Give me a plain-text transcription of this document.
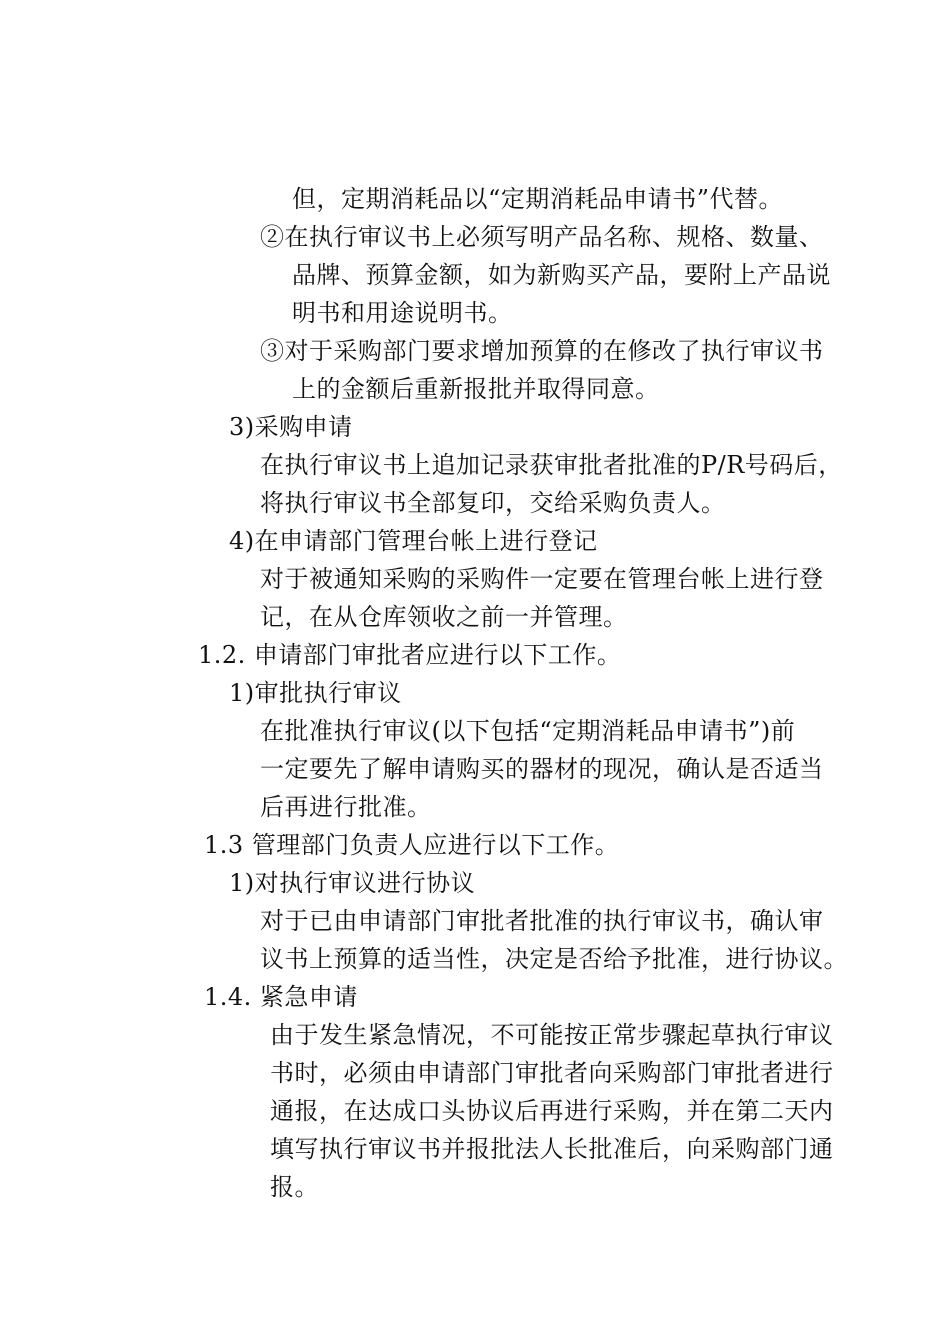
但，定期消耗品以“定期消耗品申请书”代替。
②在执行审议书上必须写明产品名称、规格、数量、
品牌、预算金额，如为新购买产品，要附上产品说
明书和用途说明书。
③对于采购部门要求增加预算的在修改了执行审议书
上的金额后重新报批并取得同意。
3)采购申请
在执行审议书上追加记录获审批者批准的P/R号码后，
将执行审议书全部复印，交给采购负责人。
4)在申请部门管理台帐上进行登记
对于被通知采购的采购件一定要在管理台帐上进行登
记，在从仓库领收之前一并管理。
1.2. 申请部门审批者应进行以下工作。
1)审批执行审议
在批准执行审议(以下包括“定期消耗品申请书”)前
一定要先了解申请购买的器材的现况，确认是否适当
后再进行批准。
1.3 管理部门负责人应进行以下工作。
1)对执行审议进行协议
对于已由申请部门审批者批准的执行审议书，确认审
议书上预算的适当性，决定是否给予批准，进行协议。
1.4. 紧急申请
由于发生紧急情况，不可能按正常步骤起草执行审议
书时，必须由申请部门审批者向采购部门审批者进行
通报，在达成口头协议后再进行采购，并在第二天内
填写执行审议书并报批法人长批准后，向采购部门通
报。
